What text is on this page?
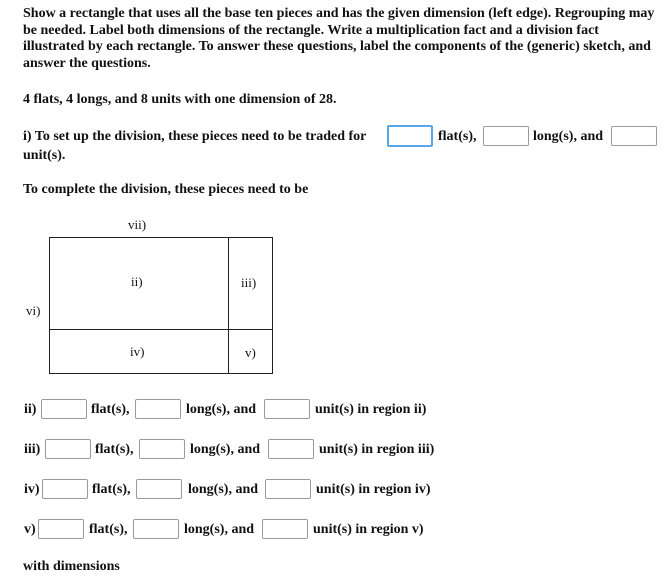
Show a rectangle that uses all the base ten pieces and has the given dimension (left edge). Regrouping may be needed. Label both dimensions of the rectangle. Write a multiplication fact and a division fact illustrated by each rectangle. To answer these questions, label the components of the (generic) sketch, and answer the questions.

4 flats, 4 longs, and 8 units with one dimension of 28.

i) To set up the division, these pieces need to be traded for	flat(s),	long(s), and
unit(s).
To complete the division, these pieces need to be
vii)
vi)
ii)	iii)
iv)	v)
ii)	flat(s),	long(s), and	unit(s) in region ii)
iii)	flat(s),	long(s), and	unit(s) in region iii)
iv)	flat(s),	long(s), and	unit(s) in region iv)
v)	flat(s),	long(s), and	unit(s) in region v)
with dimensions
